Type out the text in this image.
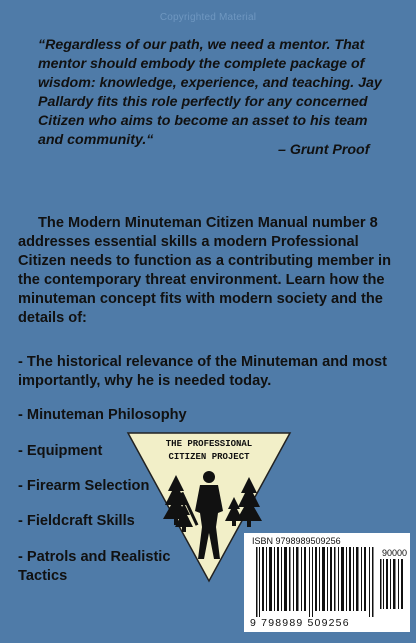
Copyrighted Material

“Regardless of our path, we need a mentor. That mentor should embody the complete package of wisdom: knowledge, experience, and teaching. Jay Pallardy fits this role perfectly for any concerned Citizen who aims to become an asset to his team and community.“

– Grunt Proof

The Modern Minuteman Citizen Manual number 8 addresses essential skills a modern Professional Citizen needs to function as a contributing member in the contemporary threat environment. Learn how the minuteman concept fits with modern society and the details of:

- The historical relevance of the Minuteman and most importantly, why he is needed today.

- Minuteman Philosophy

- Equipment

- Firearm Selection

- Fieldcraft Skills

- Patrols and Realistic Tactics

THE PROFESSIONAL
CITIZEN PROJECT
ISBN 9798989509256
90000
9 798989 509256
